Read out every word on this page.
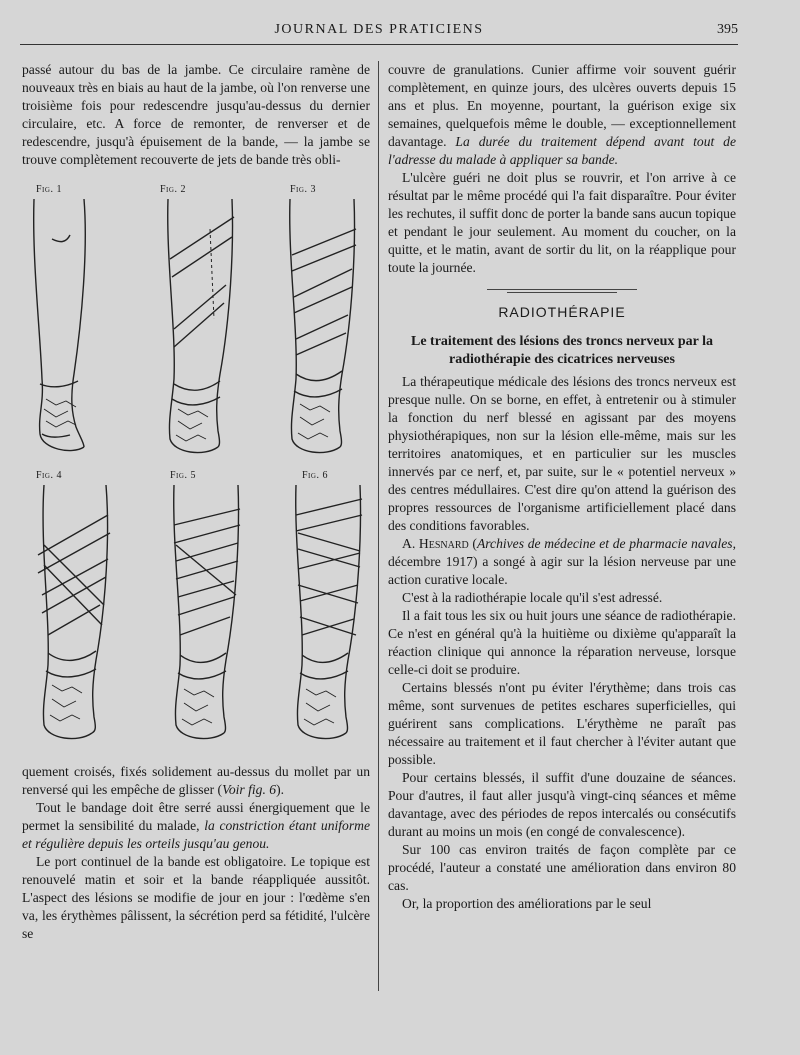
JOURNAL DES PRATICIENS	395

passé autour du bas de la jambe. Ce circulaire ramène de nouveaux très en biais au haut de la jambe, où l'on renverse une troisième fois pour redescendre jusqu'au-dessus du dernier circulaire, etc. A force de remonter, de renverser et de redescendre, jusqu'à épuisement de la bande, — la jambe se trouve complètement recouverte de jets de bande très obli-

Fig. 1	Fig. 2	Fig. 3
Fig. 4	Fig. 5	Fig. 6

quement croisés, fixés solidement au-dessus du mollet par un renversé qui les empêche de glisser (Voir fig. 6).

Tout le bandage doit être serré aussi énergiquement que le permet la sensibilité du malade, la constriction étant uniforme et régulière depuis les orteils jusqu'au genou.

Le port continuel de la bande est obligatoire. Le topique est renouvelé matin et soir et la bande réappliquée aussitôt. L'aspect des lésions se modifie de jour en jour : l'œdème s'en va, les érythèmes pâlissent, la sécrétion perd sa fétidité, l'ulcère se

couvre de granulations. Cunier affirme voir souvent guérir complètement, en quinze jours, des ulcères ouverts depuis 15 ans et plus. En moyenne, pourtant, la guérison exige six semaines, quelquefois même le double, — exceptionnellement davantage. La durée du traitement dépend avant tout de l'adresse du malade à appliquer sa bande.

L'ulcère guéri ne doit plus se rouvrir, et l'on arrive à ce résultat par le même procédé qui l'a fait disparaître. Pour éviter les rechutes, il suffit donc de porter la bande sans aucun topique et pendant le jour seulement. Au moment du coucher, on la quitte, et le matin, avant de sortir du lit, on la réapplique pour toute la journée.

RADIOTHÉRAPIE
Le traitement des lésions des troncs nerveux par la radiothérapie des cicatrices nerveuses

La thérapeutique médicale des lésions des troncs nerveux est presque nulle. On se borne, en effet, à entretenir ou à stimuler la fonction du nerf blessé en agissant par des moyens physiothérapiques, non sur la lésion elle-même, mais sur les territoires anatomiques, et en particulier sur les muscles innervés par ce nerf, et, par suite, sur le « potentiel nerveux » des centres médullaires. C'est dire qu'on attend la guérison des propres ressources de l'organisme artificiellement placé dans des conditions favorables.

A. Hesnard (Archives de médecine et de pharmacie navales, décembre 1917) a songé à agir sur la lésion nerveuse par une action curative locale.

C'est à la radiothérapie locale qu'il s'est adressé.

Il a fait tous les six ou huit jours une séance de radiothérapie. Ce n'est en général qu'à la huitième ou dixième qu'apparaît la réaction clinique qui annonce la réparation nerveuse, lorsque celle-ci doit se produire.

Certains blessés n'ont pu éviter l'érythème; dans trois cas même, sont survenues de petites eschares superficielles, qui guérirent sans complications. L'érythème ne paraît pas nécessaire au traitement et il faut chercher à l'éviter autant que possible.

Pour certains blessés, il suffit d'une douzaine de séances. Pour d'autres, il faut aller jusqu'à vingt-cinq séances et même davantage, avec des périodes de repos intercalés ou consécutifs durant au moins un mois (en congé de convalescence).

Sur 100 cas environ traités de façon complète par ce procédé, l'auteur a constaté une amélioration dans environ 80 cas.

Or, la proportion des améliorations par le seul
